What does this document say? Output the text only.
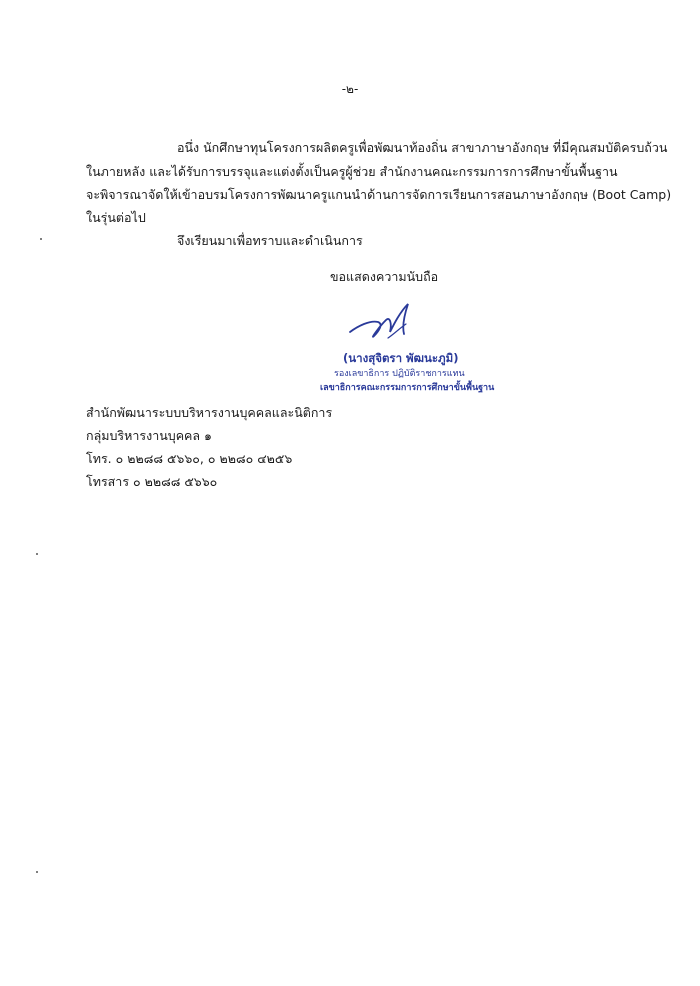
-๒-
อนึ่ง นักศึกษาทุนโครงการผลิตครูเพื่อพัฒนาท้องถิ่น สาขาภาษาอังกฤษ ที่มีคุณสมบัติครบถ้วน
ในภายหลัง และได้รับการบรรจุและแต่งตั้งเป็นครูผู้ช่วย สำนักงานคณะกรรมการการศึกษาขั้นพื้นฐาน
จะพิจารณาจัดให้เข้าอบรมโครงการพัฒนาครูแกนนำด้านการจัดการเรียนการสอนภาษาอังกฤษ (Boot Camp)
ในรุ่นต่อไป
จึงเรียนมาเพื่อทราบและดำเนินการ
ขอแสดงความนับถือ
(นางสุจิตรา พัฒนะภูมิ)
รองเลขาธิการ ปฏิบัติราชการแทน
เลขาธิการคณะกรรมการการศึกษาขั้นพื้นฐาน
สำนักพัฒนาระบบบริหารงานบุคคลและนิติการ
กลุ่มบริหารงานบุคคล ๑
โทร. ๐ ๒๒๘๘ ๕๖๖๐, ๐ ๒๒๘๐ ๔๒๕๖
โทรสาร ๐ ๒๒๘๘ ๕๖๖๐
